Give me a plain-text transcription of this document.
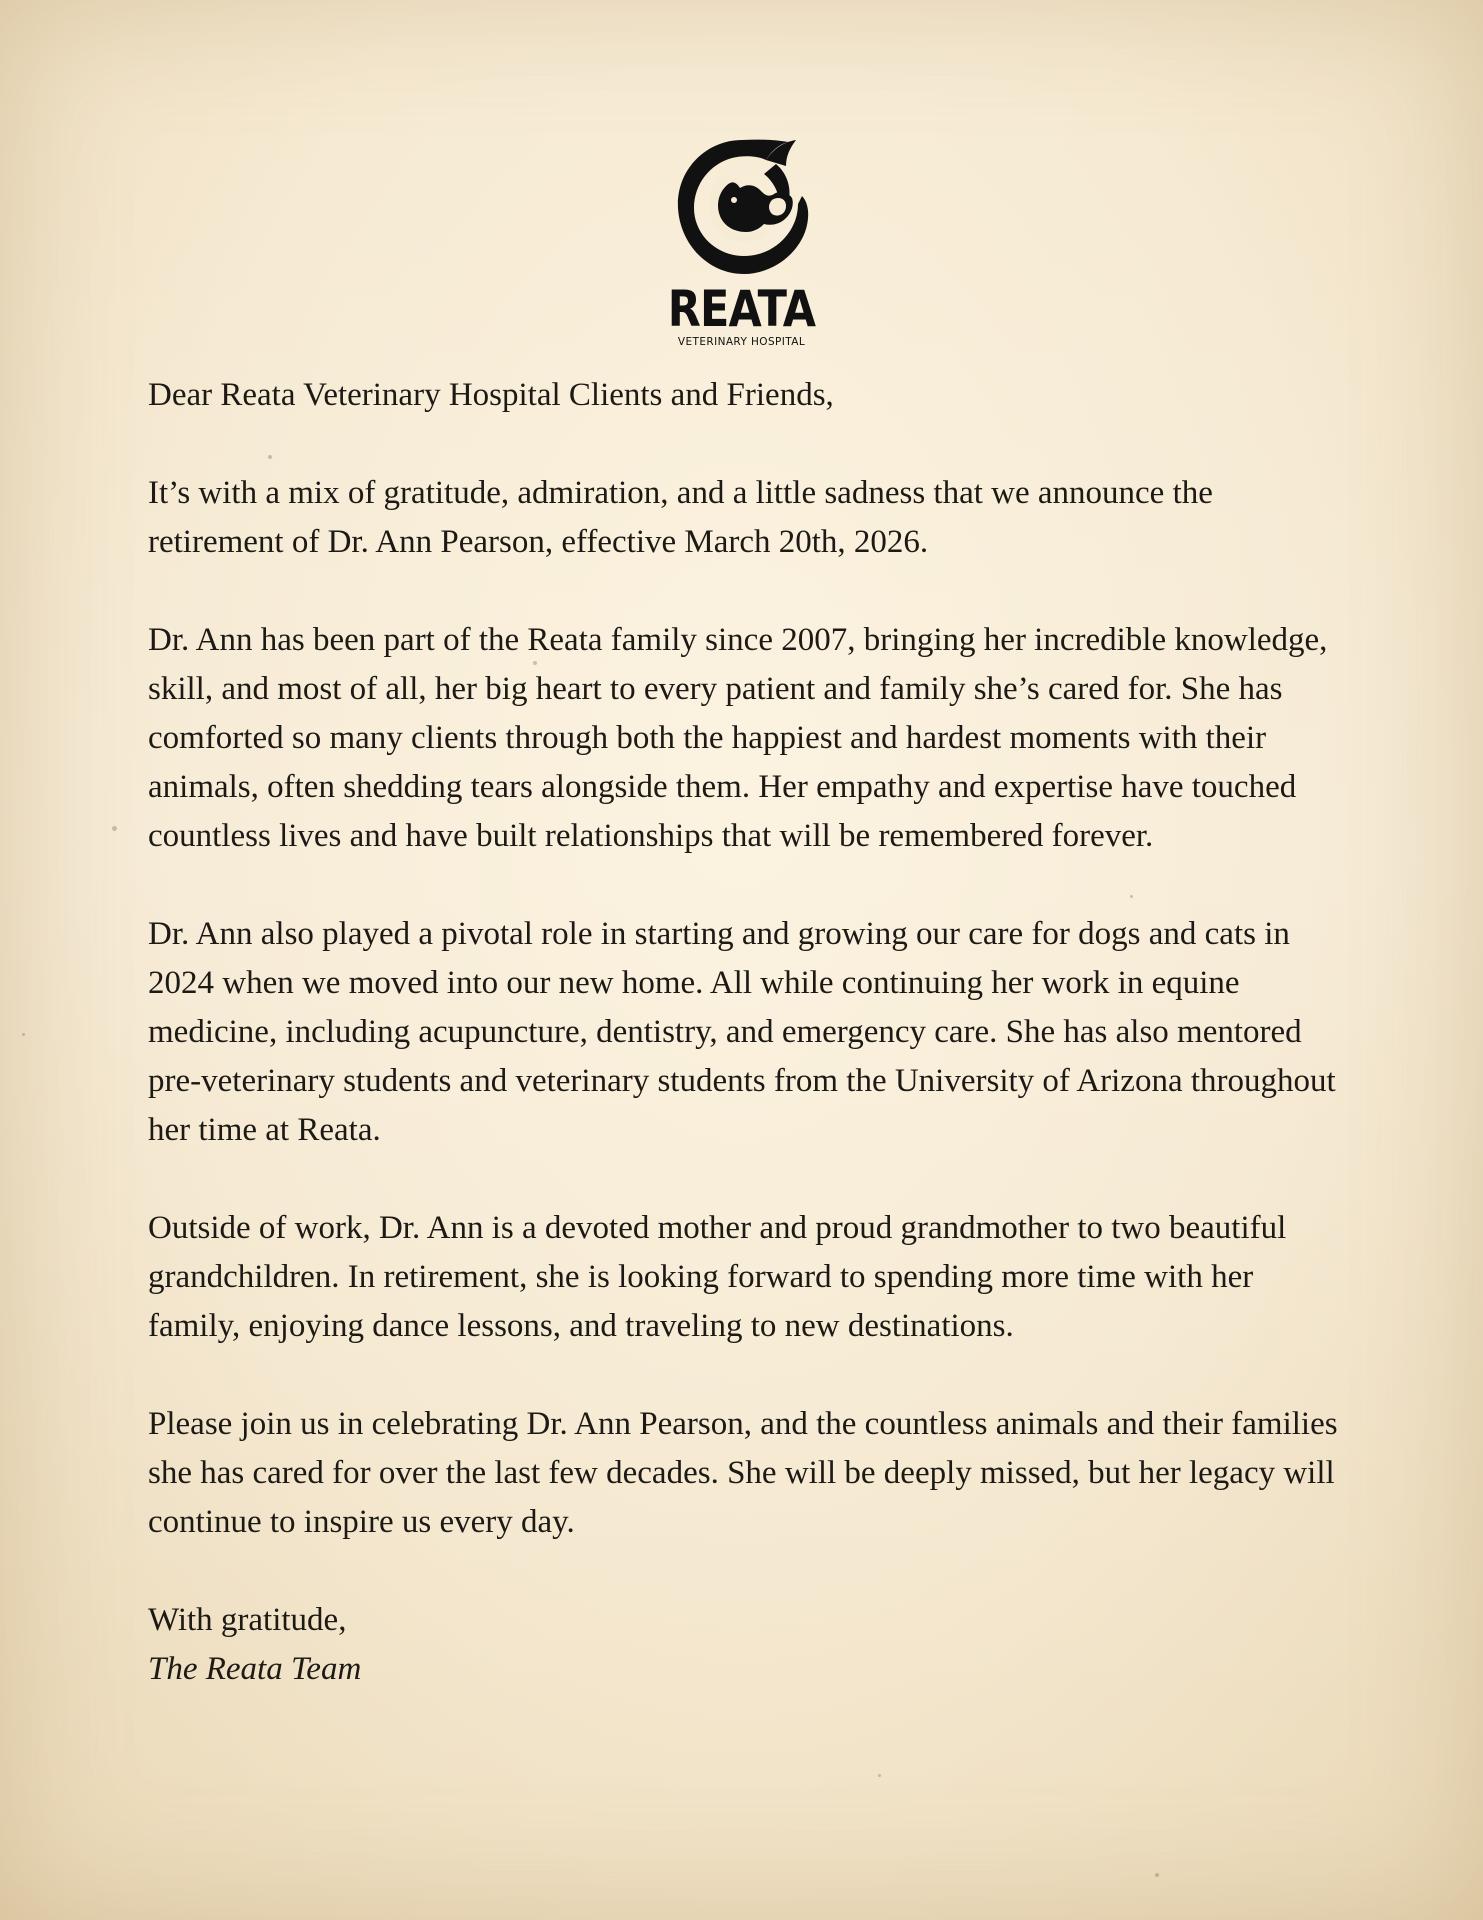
REATA
VETERINARY HOSPITAL

Dear Reata Veterinary Hospital Clients and Friends,

It’s with a mix of gratitude, admiration, and a little sadness that we announce the retirement of Dr. Ann Pearson, effective March 20th, 2026.

Dr. Ann has been part of the Reata family since 2007, bringing her incredible knowledge, skill, and most of all, her big heart to every patient and family she’s cared for. She has comforted so many clients through both the happiest and hardest moments with their animals, often shedding tears alongside them. Her empathy and expertise have touched countless lives and have built relationships that will be remembered forever.

Dr. Ann also played a pivotal role in starting and growing our care for dogs and cats in 2024 when we moved into our new home. All while continuing her work in equine medicine, including acupuncture, dentistry, and emergency care. She has also mentored pre-veterinary students and veterinary students from the University of Arizona throughout her time at Reata.

Outside of work, Dr. Ann is a devoted mother and proud grandmother to two beautiful grandchildren. In retirement, she is looking forward to spending more time with her family, enjoying dance lessons, and traveling to new destinations.

Please join us in celebrating Dr. Ann Pearson, and the countless animals and their families she has cared for over the last few decades. She will be deeply missed, but her legacy will continue to inspire us every day.

With gratitude,
The Reata Team
